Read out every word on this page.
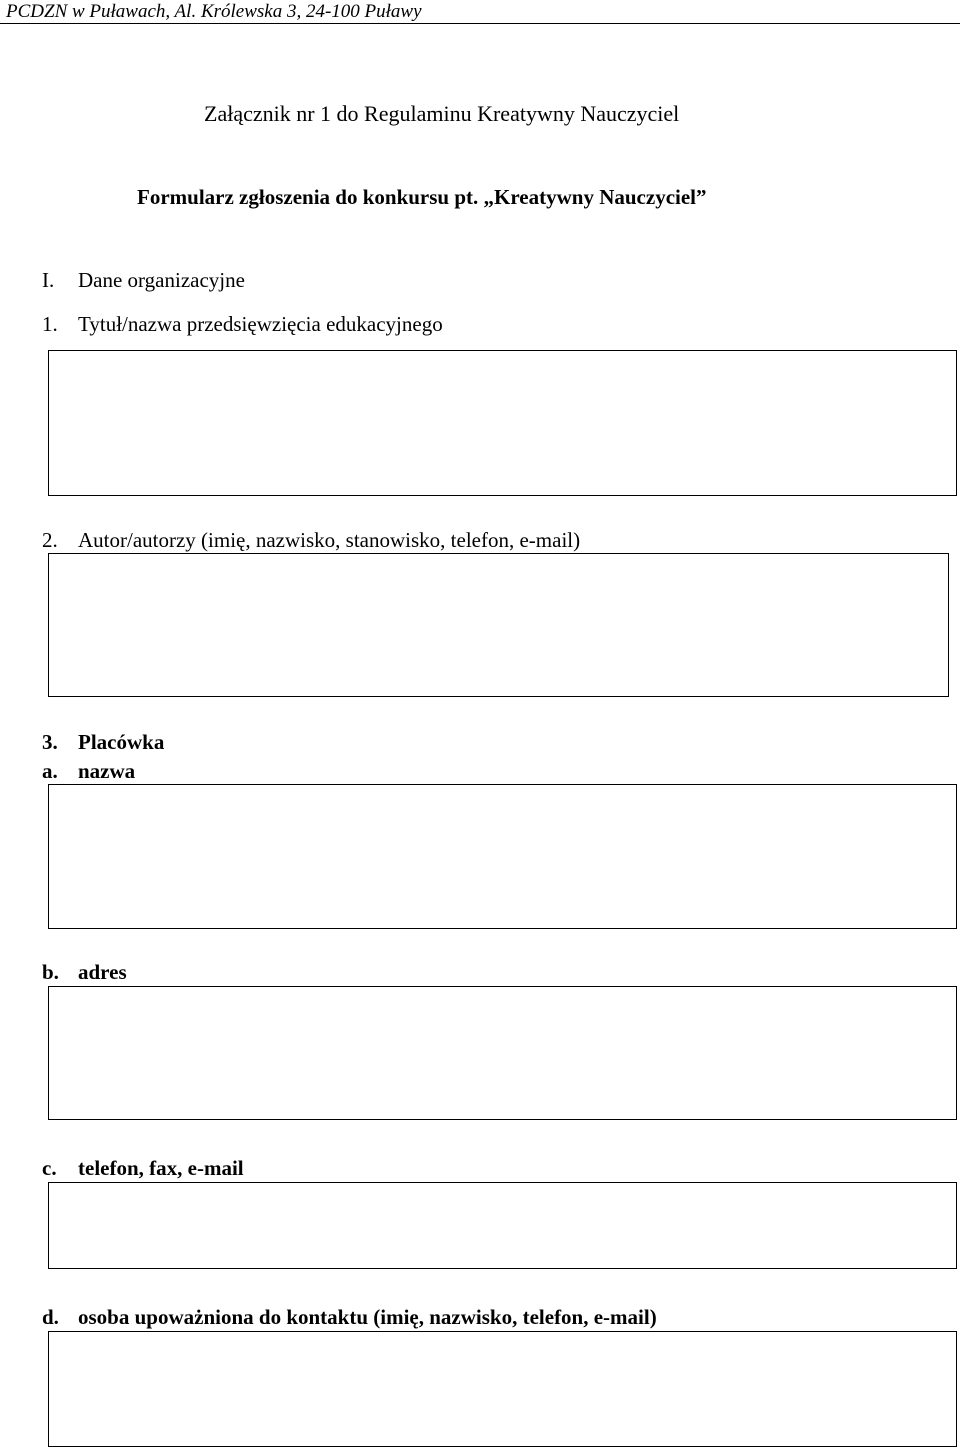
PCDZN w Puławach, Al. Królewska 3, 24-100 Puławy
Załącznik nr 1 do Regulaminu Kreatywny Nauczyciel
Formularz zgłoszenia do konkursu pt. „Kreatywny Nauczyciel”
I. Dane organizacyjne
1. Tytuł/nazwa przedsięwzięcia edukacyjnego
2. Autor/autorzy (imię, nazwisko, stanowisko, telefon, e-mail)
3. Placówka
a. nazwa
b. adres
c. telefon, fax, e-mail
d. osoba upoważniona do kontaktu (imię, nazwisko, telefon, e-mail)
